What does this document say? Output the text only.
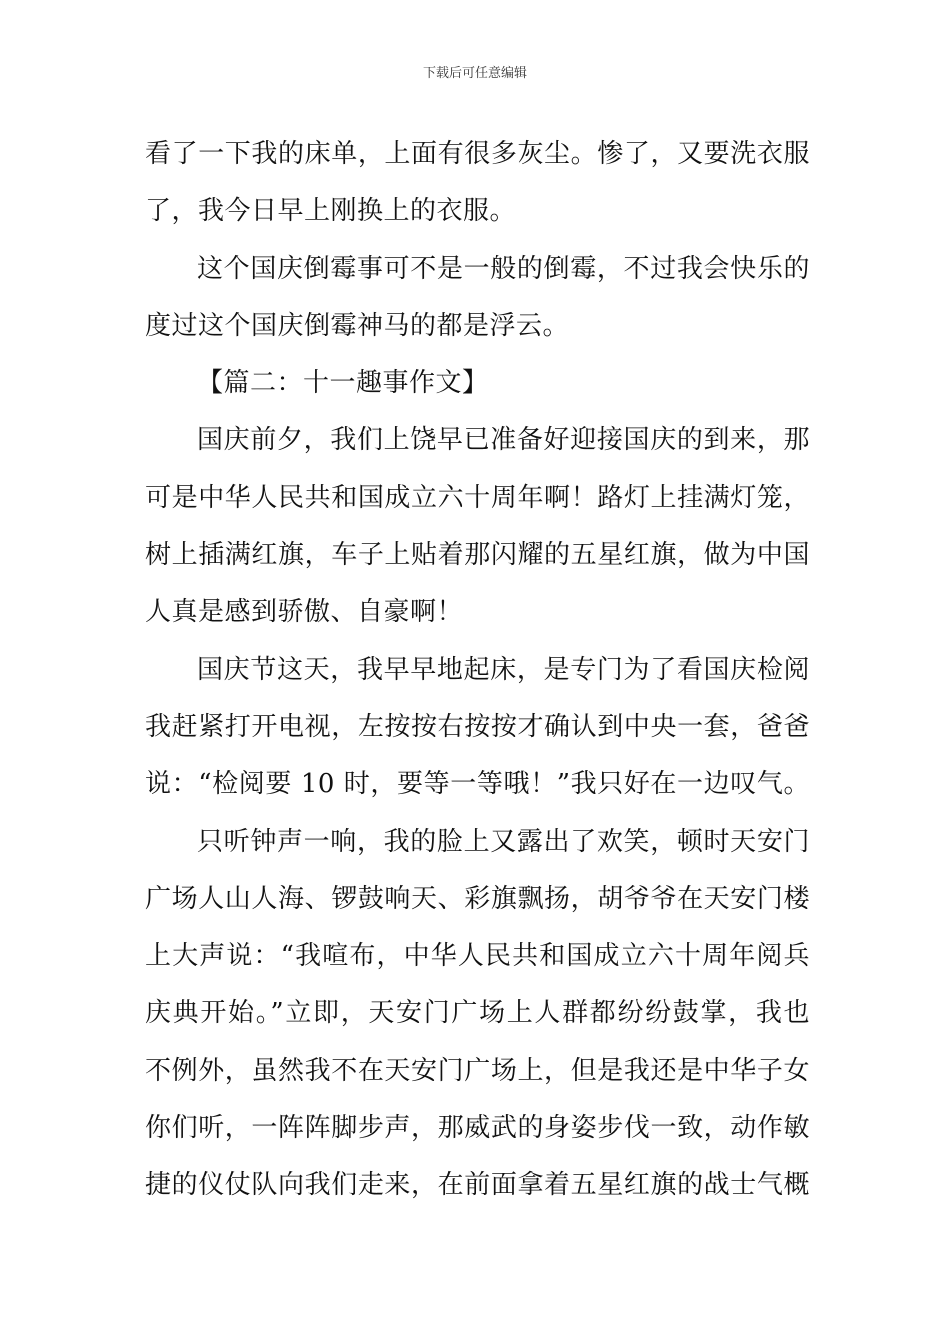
下载后可任意编辑
看了一下我的床单，上面有很多灰尘。惨了，又要洗衣服
了，我今日早上刚换上的衣服。
这个国庆倒霉事可不是一般的倒霉，不过我会快乐的
度过这个国庆倒霉神马的都是浮云。
【篇二：十一趣事作文】
国庆前夕，我们上饶早已准备好迎接国庆的到来，那
可是中华人民共和国成立六十周年啊！路灯上挂满灯笼，
树上插满红旗，车子上贴着那闪耀的五星红旗，做为中国
人真是感到骄傲、自豪啊！
国庆节这天，我早早地起床，是专门为了看国庆检阅
我赶紧打开电视，左按按右按按才确认到中央一套，爸爸
说：“检阅要 10 时，要等一等哦！”我只好在一边叹气。
只听钟声一响，我的脸上又露出了欢笑，顿时天安门
广场人山人海、锣鼓响天、彩旗飘扬，胡爷爷在天安门楼
上大声说：“我喧布，中华人民共和国成立六十周年阅兵
庆典开始。”立即，天安门广场上人群都纷纷鼓掌，我也
不例外，虽然我不在天安门广场上，但是我还是中华子女
你们听，一阵阵脚步声，那威武的身姿步伐一致，动作敏
捷的仪仗队向我们走来，在前面拿着五星红旗的战士气概
